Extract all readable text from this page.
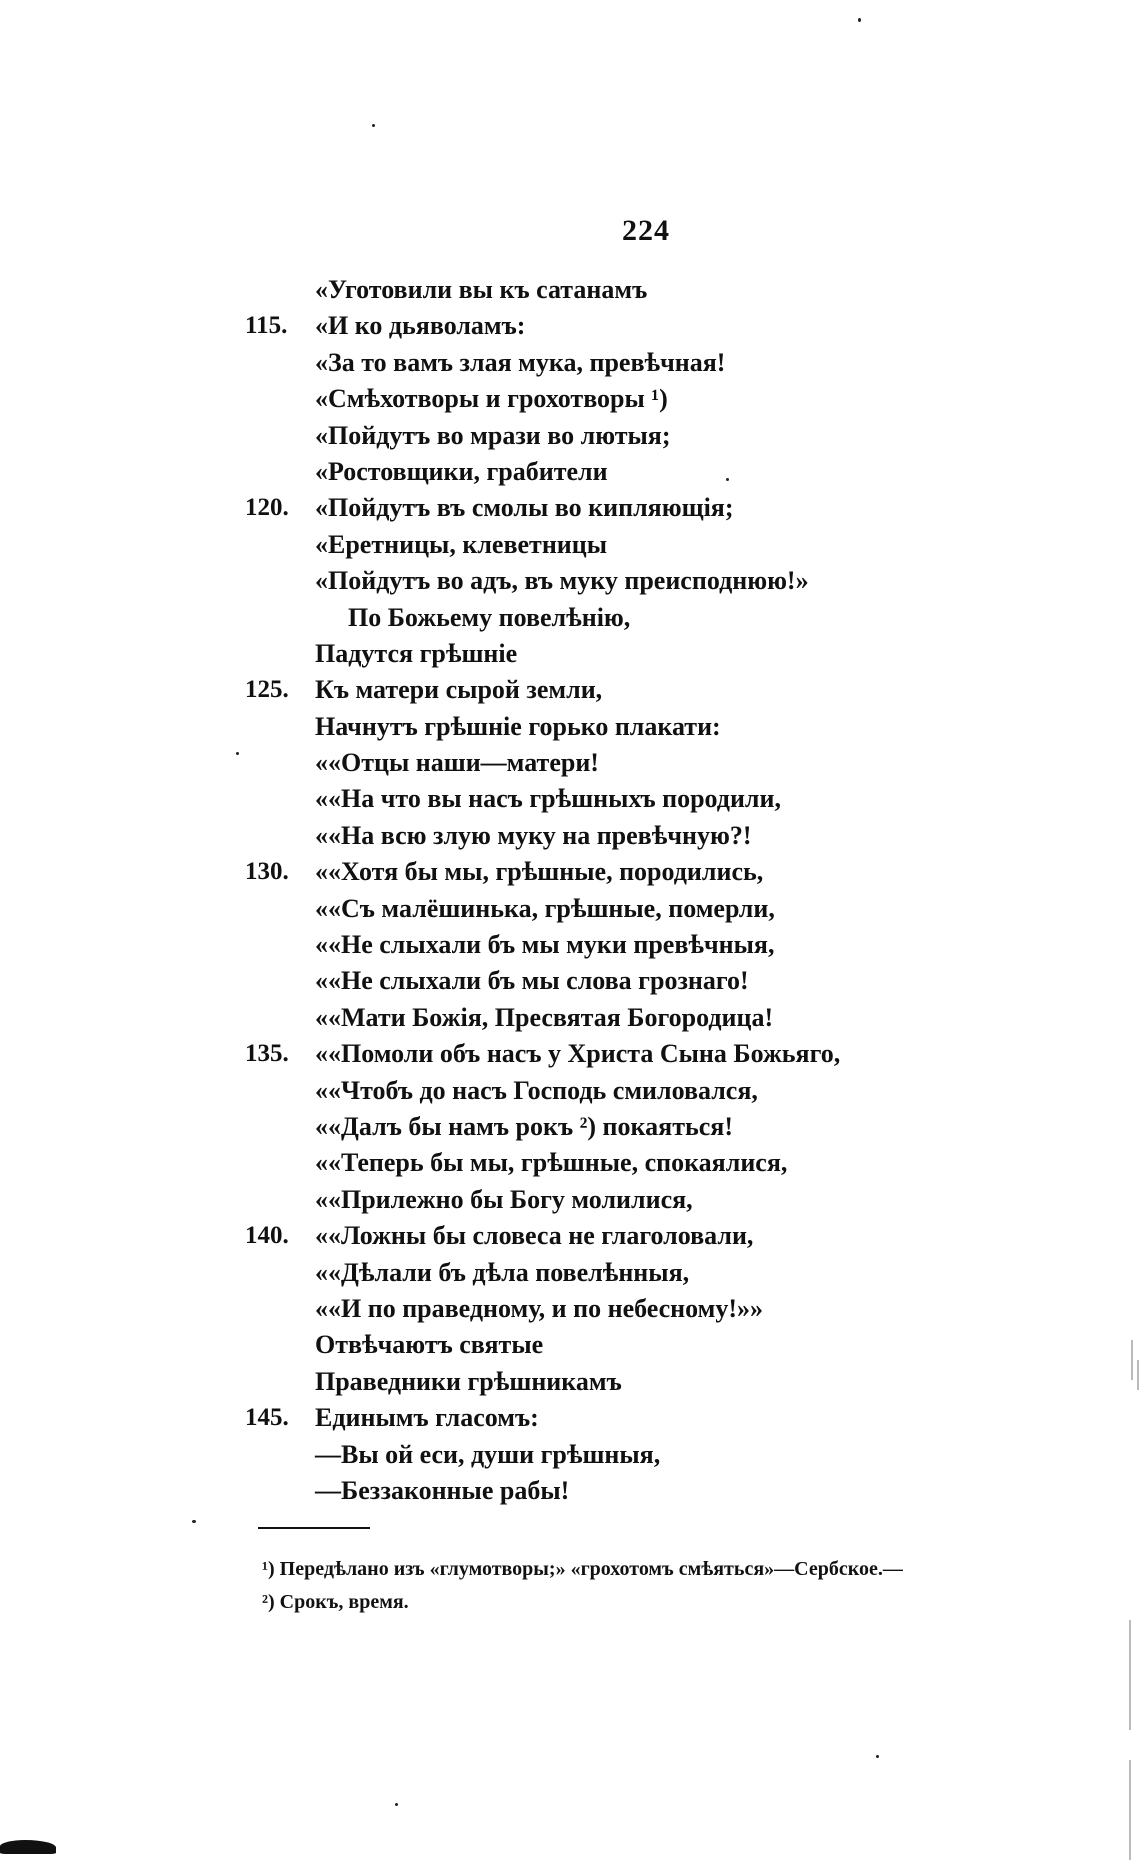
224
«Уготовили вы къ сатанамъ
115.	«И ко дьяволамъ:
«За то вамъ злая мука, превѣчная!
«Смѣхотворы и грохотворы ¹)
«Пойдутъ во мрази во лютыя;
«Ростовщики, грабители
120.	«Пойдутъ въ смолы во кипляющія;
«Еретницы, клеветницы
«Пойдутъ во адъ, въ муку преисподнюю!»
По Божьему повелѣнію,
Падутся грѣшніе
125.	Къ матери сырой земли,
Начнутъ грѣшніе горько плакати:
««Отцы наши—матери!
««На что вы насъ грѣшныхъ породили,
««На всю злую муку на превѣчную?!
130.	««Хотя бы мы, грѣшные, породились,
««Съ малёшинька, грѣшные, померли,
««Не слыхали бъ мы муки превѣчныя,
««Не слыхали бъ мы слова грознаго!
««Мати Божія, Пресвятая Богородица!
135.	««Помоли объ насъ у Христа Сына Божьяго,
««Чтобъ до насъ Господь смиловался,
««Далъ бы намъ рокъ ²) покаяться!
««Теперь бы мы, грѣшные, спокаялися,
««Прилежно бы Богу молилися,
140.	««Ложны бы словеса не глаголовали,
««Дѣлали бъ дѣла повелѣнныя,
««И по праведному, и по небесному!»»
Отвѣчаютъ святые
Праведники грѣшникамъ
145.	Единымъ гласомъ:
—Вы ой еси, души грѣшныя,
—Беззаконные рабы!
¹) Передѣлано изъ «глумотворы;» «грохотомъ смѣяться»—Сербское.—
²) Срокъ, время.
